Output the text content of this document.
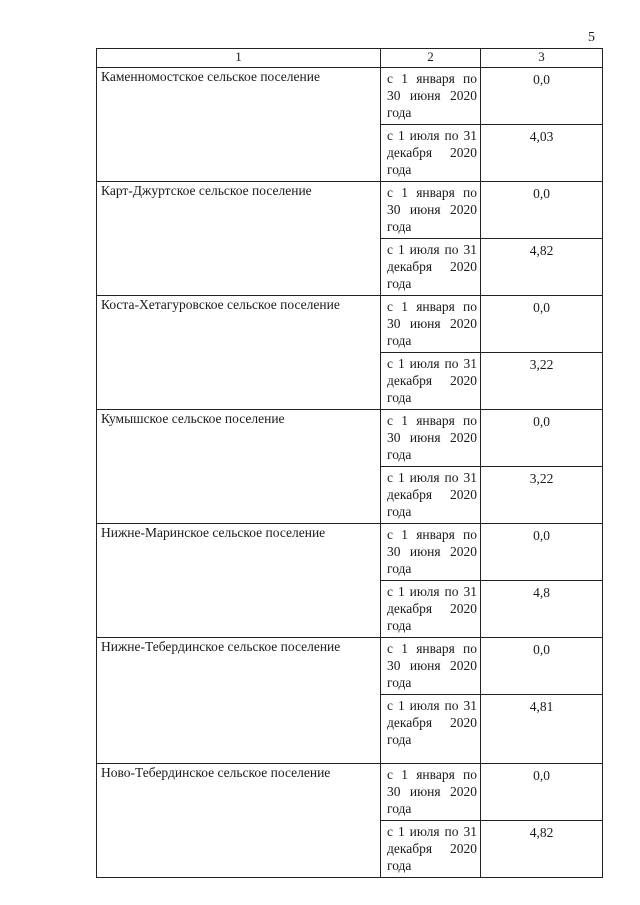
5
1	2	3
Каменномостское сельское поселение	с 1 января по
30 июня 2020
года	0,0

	с 1 июля по 31
декабря 2020
года	4,03
Карт-Джуртское сельское поселение	с 1 января по
30 июня 2020
года	0,0

	с 1 июля по 31
декабря 2020
года	4,82
Коста-Хетагуровское сельское поселение	с 1 января по
30 июня 2020
года	0,0

	с 1 июля по 31
декабря 2020
года	3,22
Кумышское сельское поселение	с 1 января по
30 июня 2020
года	0,0

	с 1 июля по 31
декабря 2020
года	3,22
Нижне-Маринское сельское поселение	с 1 января по
30 июня 2020
года	0,0

	с 1 июля по 31
декабря 2020
года	4,8
Нижне-Тебердинское сельское поселение	с 1 января по
30 июня 2020
года	0,0

	с 1 июля по 31
декабря 2020
года	4,81
Ново-Тебердинское сельское поселение	с 1 января по
30 июня 2020
года	0,0

	с 1 июля по 31
декабря 2020
года	4,82
